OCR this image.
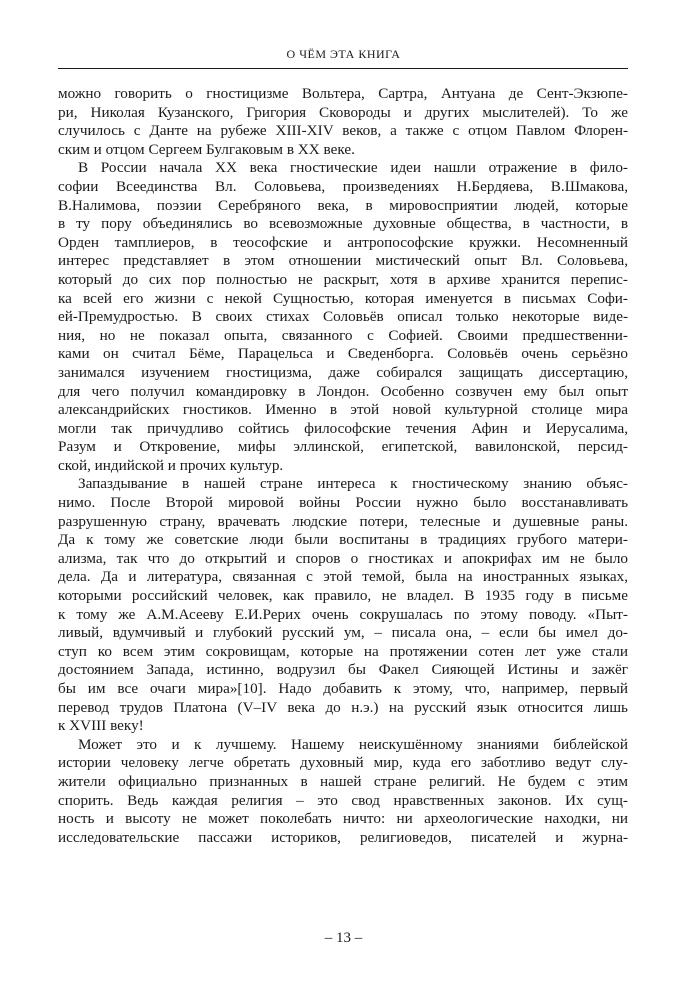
О ЧЁМ ЭТА КНИГА
можно говорить о гностицизме Вольтера, Сартра, Антуана де Сент-Экзюпе-
ри, Николая Кузанского, Григория Сковороды и других мыслителей). То же
случилось с Данте на рубеже XIII-XIV веков, а также с отцом Павлом Флорен-
ским и отцом Сергеем Булгаковым в XX веке.
В России начала XX века гностические идеи нашли отражение в фило-
софии Всеединства Вл. Соловьева, произведениях Н.Бердяева, В.Шмакова,
В.Налимова, поэзии Серебряного века, в мировосприятии людей, которые
в ту пору объединялись во всевозможные духовные общества, в частности, в
Орден тамплиеров, в теософские и антропософские кружки. Несомненный
интерес представляет в этом отношении мистический опыт Вл. Соловьева,
который до сих пор полностью не раскрыт, хотя в архиве хранится перепис-
ка всей его жизни с некой Сущностью, которая именуется в письмах Софи-
ей-Премудростью. В своих стихах Соловьёв описал только некоторые виде-
ния, но не показал опыта, связанного с Софией. Своими предшественни-
ками он считал Бёме, Парацельса и Сведенборга. Соловьёв очень серьёзно
занимался изучением гностицизма, даже собирался защищать диссертацию,
для чего получил командировку в Лондон. Особенно созвучен ему был опыт
александрийских гностиков. Именно в этой новой культурной столице мира
могли так причудливо сойтись философские течения Афин и Иерусалима,
Разум и Откровение, мифы эллинской, египетской, вавилонской, персид-
ской, индийской и прочих культур.
Запаздывание в нашей стране интереса к гностическому знанию объяс-
нимо. После Второй мировой войны России нужно было восстанавливать
разрушенную страну, врачевать людские потери, телесные и душевные раны.
Да к тому же советские люди были воспитаны в традициях грубого матери-
ализма, так что до открытий и споров о гностиках и апокрифах им не было
дела. Да и литература, связанная с этой темой, была на иностранных языках,
которыми российский человек, как правило, не владел. В 1935 году в письме
к тому же А.М.Асееву Е.И.Рерих очень сокрушалась по этому поводу. «Пыт-
ливый, вдумчивый и глубокий русский ум, – писала она, – если бы имел до-
ступ ко всем этим сокровищам, которые на протяжении сотен лет уже стали
достоянием Запада, истинно, водрузил бы Факел Сияющей Истины и зажёг
бы им все очаги мира»[10]. Надо добавить к этому, что, например, первый
перевод трудов Платона (V–IV века до н.э.) на русский язык относится лишь
к XVIII веку!
Может это и к лучшему. Нашему неискушённому знаниями библейской
истории человеку легче обретать духовный мир, куда его заботливо ведут слу-
жители официально признанных в нашей стране религий. Не будем с этим
спорить. Ведь каждая религия – это свод нравственных законов. Их сущ-
ность и высоту не может поколебать ничто: ни археологические находки, ни
исследовательские пассажи историков, религиоведов, писателей и журна-
– 13 –
